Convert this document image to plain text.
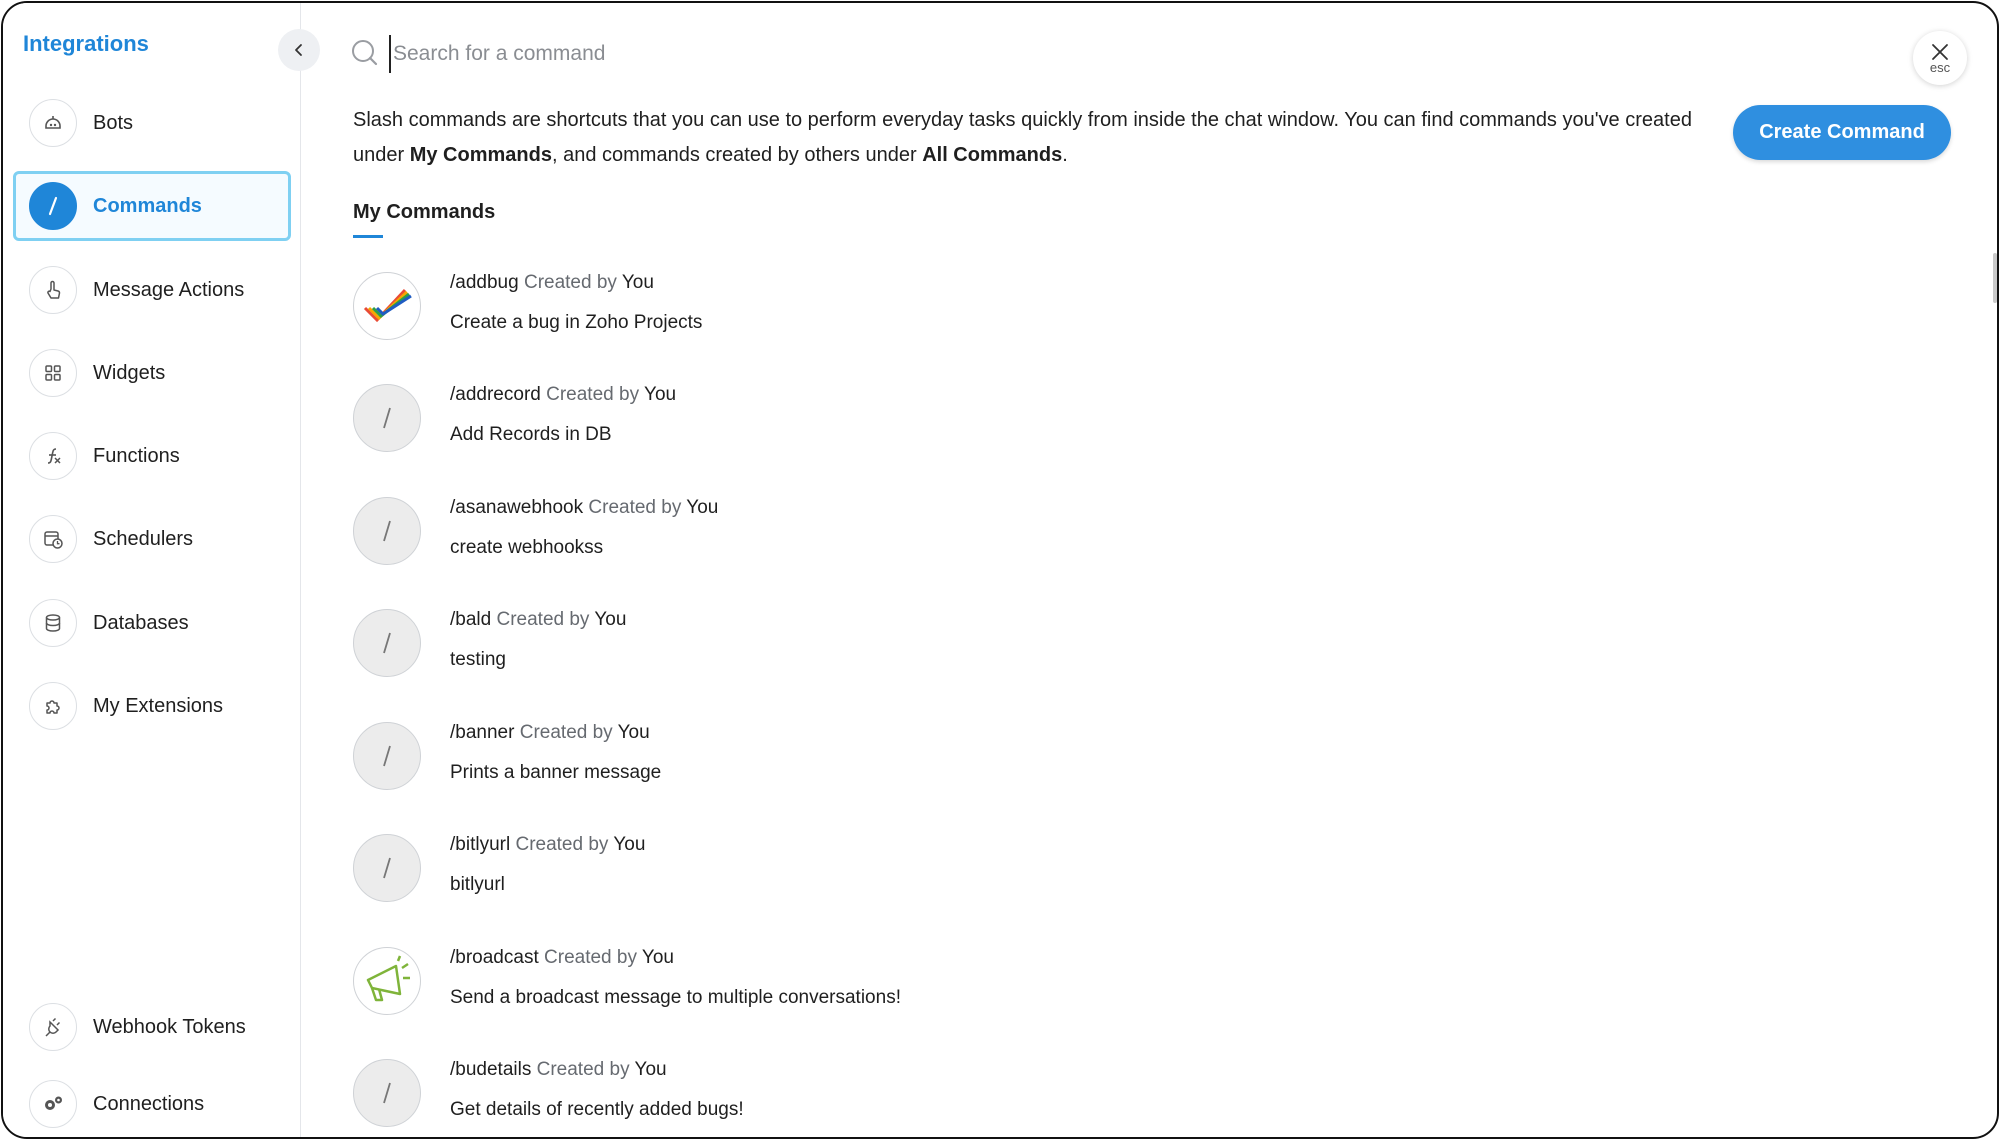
Integrations
Bots
Commands
Message Actions
Widgets
Functions
Schedulers
Databases
My Extensions
Webhook Tokens
Connections
Search for a command
esc
Slash commands are shortcuts that you can use to perform everyday tasks quickly from inside the chat window. You can find commands you've created under My Commands, and commands created by others under All Commands.
Create Command
My Commands
/addbug Created by You
Create a bug in Zoho Projects
/addrecord Created by You
Add Records in DB
/asanawebhook Created by You
create webhookss
/bald Created by You
testing
/banner Created by You
Prints a banner message
/bitlyurl Created by You
bitlyurl
/broadcast Created by You
Send a broadcast message to multiple conversations!
/budetails Created by You
Get details of recently added bugs!
